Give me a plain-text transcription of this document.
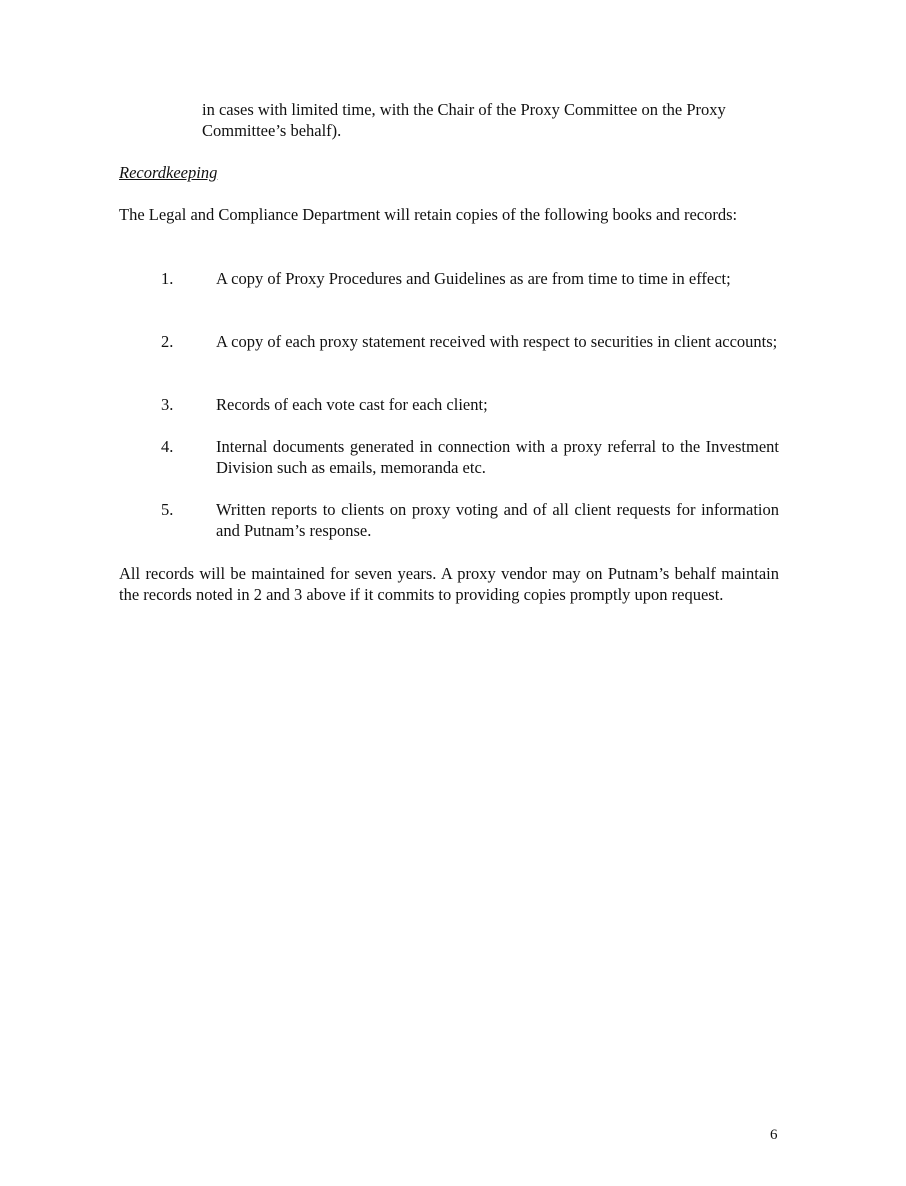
in cases with limited time, with the Chair of the Proxy Committee on the Proxy Committee’s behalf).

Recordkeeping

The Legal and Compliance Department will retain copies of the following books and records:

1.	A copy of Proxy Procedures and Guidelines as are from time to time in effect;
2.	A copy of each proxy statement received with respect to securities in client accounts;
3.	Records of each vote cast for each client;
4.	Internal documents generated in connection with a proxy referral to the Investment Division such as emails, memoranda etc.
5.	Written reports to clients on proxy voting and of all client requests for information and Putnam’s response.

All records will be maintained for seven years. A proxy vendor may on Putnam’s behalf maintain the records noted in 2 and 3 above if it commits to providing copies promptly upon request.

6
